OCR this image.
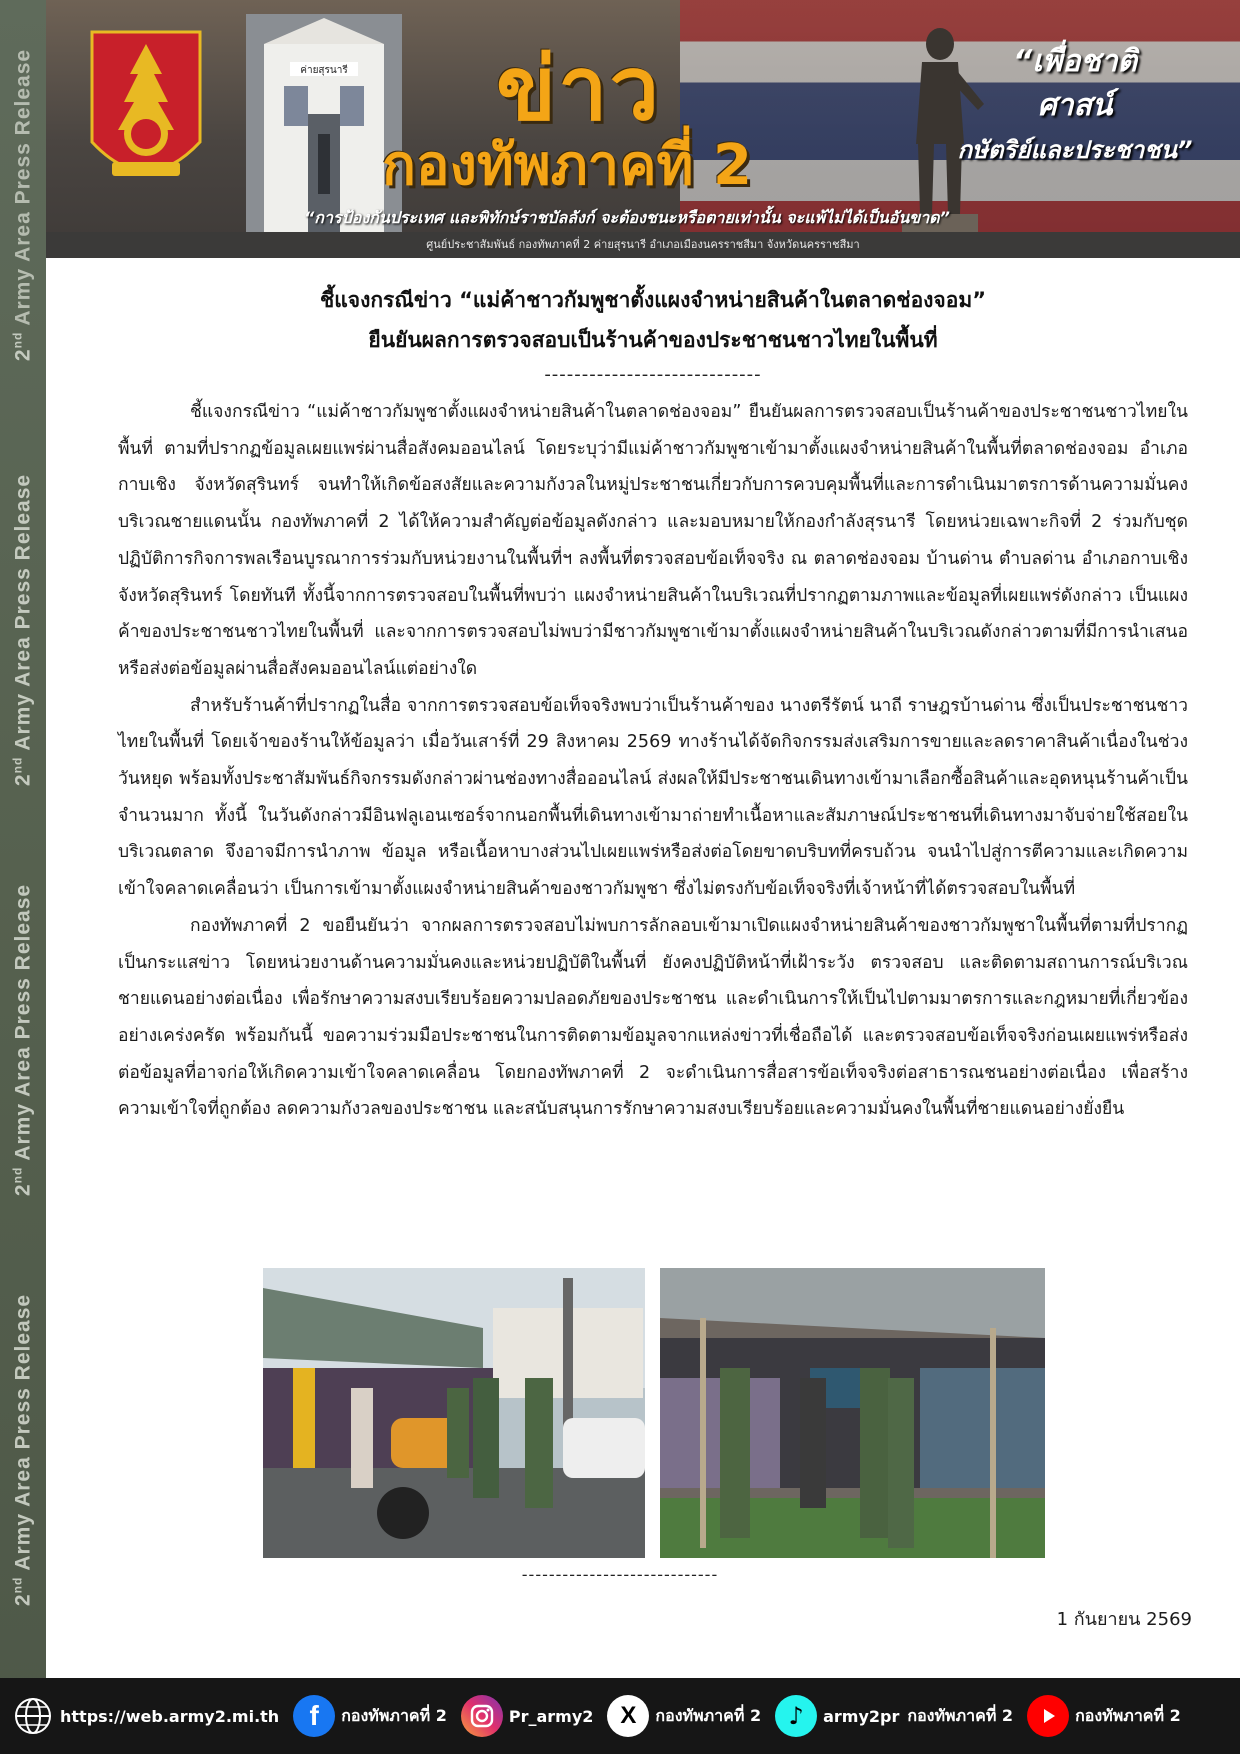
2nd Army Area Press Release
2nd Army Area Press Release
2nd Army Area Press Release
2nd Army Area Press Release
ค่ายสุรนารี ข่าว
กองทัพภาคที่ 2
“เพื่อชาติ
ศาสน์
กษัตริย์และประชาชน”
“การป้องกันประเทศ และพิทักษ์ราชบัลลังก์ จะต้องชนะหรือตายเท่านั้น จะแพ้ไม่ได้เป็นอันขาด”
ศูนย์ประชาสัมพันธ์ กองทัพภาคที่ 2 ค่ายสุรนารี อำเภอเมืองนครราชสีมา จังหวัดนครราชสีมา
ชี้แจงกรณีข่าว “แม่ค้าชาวกัมพูชาตั้งแผงจำหน่ายสินค้าในตลาดช่องจอม”
ยืนยันผลการตรวจสอบเป็นร้านค้าของประชาชนชาวไทยในพื้นที่
-----------------------------

ชี้แจงกรณีข่าว “แม่ค้าชาวกัมพูชาตั้งแผงจำหน่ายสินค้าในตลาดช่องจอม” ยืนยันผลการตรวจสอบเป็นร้านค้าของประชาชนชาวไทยในพื้นที่ ตามที่ปรากฏข้อมูลเผยแพร่ผ่านสื่อสังคมออนไลน์ โดยระบุว่ามีแม่ค้าชาวกัมพูชาเข้ามาตั้งแผงจำหน่ายสินค้าในพื้นที่ตลาดช่องจอม อำเภอกาบเชิง จังหวัดสุรินทร์ จนทำให้เกิดข้อสงสัยและความกังวลในหมู่ประชาชนเกี่ยวกับการควบคุมพื้นที่และการดำเนินมาตรการด้านความมั่นคงบริเวณชายแดนนั้น กองทัพภาคที่ 2 ได้ให้ความสำคัญต่อข้อมูลดังกล่าว และมอบหมายให้กองกำลังสุรนารี โดยหน่วยเฉพาะกิจที่ 2 ร่วมกับชุดปฏิบัติการกิจการพลเรือนบูรณาการร่วมกับหน่วยงานในพื้นที่ฯ ลงพื้นที่ตรวจสอบข้อเท็จจริง ณ ตลาดช่องจอม บ้านด่าน ตำบลด่าน อำเภอกาบเชิง จังหวัดสุรินทร์ โดยทันที ทั้งนี้จากการตรวจสอบในพื้นที่พบว่า แผงจำหน่ายสินค้าในบริเวณที่ปรากฏตามภาพและข้อมูลที่เผยแพร่ดังกล่าว เป็นแผงค้าของประชาชนชาวไทยในพื้นที่ และจากการตรวจสอบไม่พบว่ามีชาวกัมพูชาเข้ามาตั้งแผงจำหน่ายสินค้าในบริเวณดังกล่าวตามที่มีการนำเสนอหรือส่งต่อข้อมูลผ่านสื่อสังคมออนไลน์แต่อย่างใด

สำหรับร้านค้าที่ปรากฏในสื่อ จากการตรวจสอบข้อเท็จจริงพบว่าเป็นร้านค้าของ นางตรีรัตน์ นาถี ราษฎรบ้านด่าน ซึ่งเป็นประชาชนชาวไทยในพื้นที่ โดยเจ้าของร้านให้ข้อมูลว่า เมื่อวันเสาร์ที่ 29 สิงหาคม 2569 ทางร้านได้จัดกิจกรรมส่งเสริมการขายและลดราคาสินค้าเนื่องในช่วงวันหยุด พร้อมทั้งประชาสัมพันธ์กิจกรรมดังกล่าวผ่านช่องทางสื่อออนไลน์ ส่งผลให้มีประชาชนเดินทางเข้ามาเลือกซื้อสินค้าและอุดหนุนร้านค้าเป็นจำนวนมาก ทั้งนี้ ในวันดังกล่าวมีอินฟลูเอนเซอร์จากนอกพื้นที่เดินทางเข้ามาถ่ายทำเนื้อหาและสัมภาษณ์ประชาชนที่เดินทางมาจับจ่ายใช้สอยในบริเวณตลาด จึงอาจมีการนำภาพ ข้อมูล หรือเนื้อหาบางส่วนไปเผยแพร่หรือส่งต่อโดยขาดบริบทที่ครบถ้วน จนนำไปสู่การตีความและเกิดความเข้าใจคลาดเคลื่อนว่า เป็นการเข้ามาตั้งแผงจำหน่ายสินค้าของชาวกัมพูชา ซึ่งไม่ตรงกับข้อเท็จจริงที่เจ้าหน้าที่ได้ตรวจสอบในพื้นที่

กองทัพภาคที่ 2 ขอยืนยันว่า จากผลการตรวจสอบไม่พบการลักลอบเข้ามาเปิดแผงจำหน่ายสินค้าของชาวกัมพูชาในพื้นที่ตามที่ปรากฏเป็นกระแสข่าว โดยหน่วยงานด้านความมั่นคงและหน่วยปฏิบัติในพื้นที่ ยังคงปฏิบัติหน้าที่เฝ้าระวัง ตรวจสอบ และติดตามสถานการณ์บริเวณชายแดนอย่างต่อเนื่อง เพื่อรักษาความสงบเรียบร้อยความปลอดภัยของประชาชน และดำเนินการให้เป็นไปตามมาตรการและกฎหมายที่เกี่ยวข้องอย่างเคร่งครัด พร้อมกันนี้ ขอความร่วมมือประชาชนในการติดตามข้อมูลจากแหล่งข่าวที่เชื่อถือได้ และตรวจสอบข้อเท็จจริงก่อนเผยแพร่หรือส่งต่อข้อมูลที่อาจก่อให้เกิดความเข้าใจคลาดเคลื่อน โดยกองทัพภาคที่ 2 จะดำเนินการสื่อสารข้อเท็จจริงต่อสาธารณชนอย่างต่อเนื่อง เพื่อสร้างความเข้าใจที่ถูกต้อง ลดความกังวลของประชาชน และสนับสนุนการรักษาความสงบเรียบร้อยและความมั่นคงในพื้นที่ชายแดนอย่างยั่งยืน

-----------------------------
1 กันยายน 2569
https://web.army2.mi.th f กองทัพภาคที่ 2	Pr_army2 X กองทัพภาคที่ 2 ♪ army2pr กองทัพภาคที่ 2	กองทัพภาคที่ 2
